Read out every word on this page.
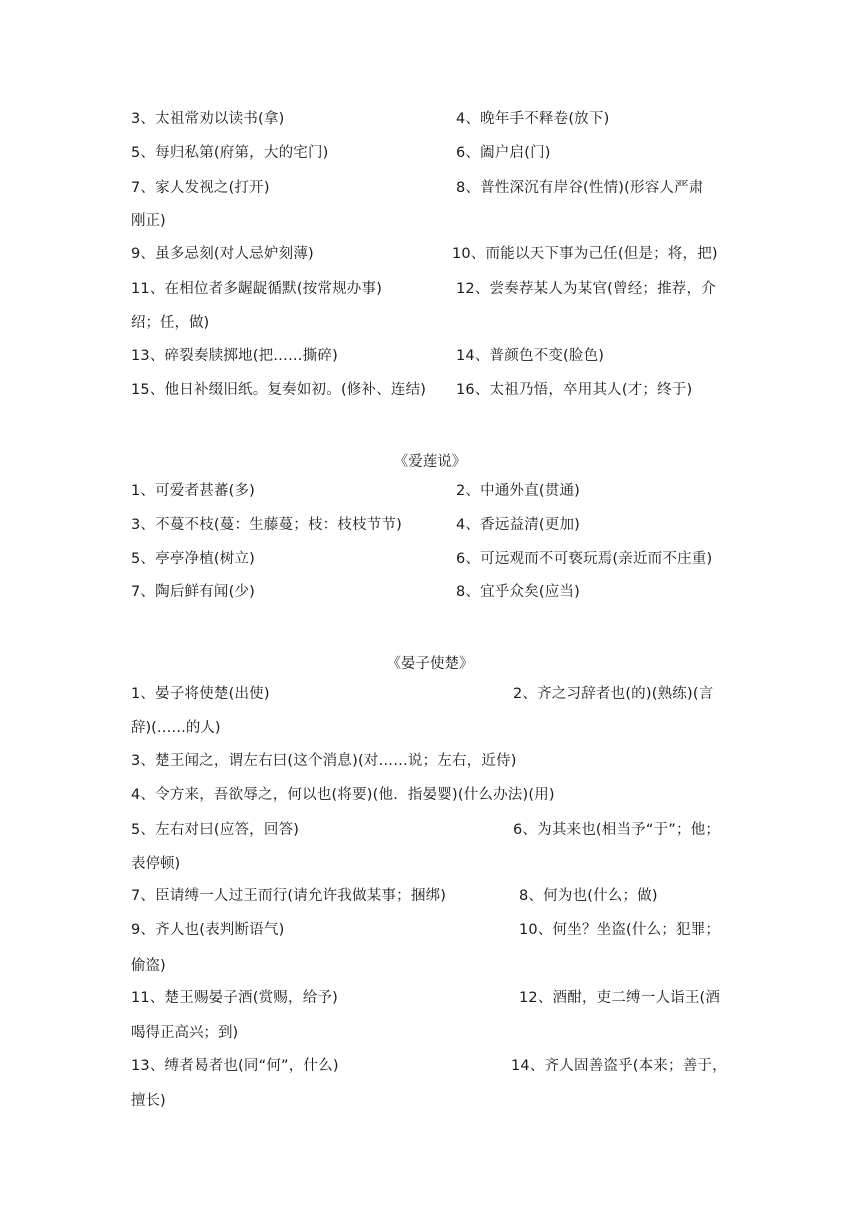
3、太祖常劝以读书(拿)	4、晚年手不释卷(放下)
5、每归私第(府第，大的宅门)	6、阖户启(门)
7、家人发视之(打开)	8、普性深沉有岸谷(性情)(形容人严肃
刚正)
9、虽多忌刻(对人忌妒刻薄)	10、而能以天下事为己任(但是；将，把)
11、在相位者多龌龊循默(按常规办事)	12、尝奏荐某人为某官(曾经；推荐，介
绍；任，做)
13、碎裂奏牍掷地(把……撕碎)	14、普颜色不变(脸色)
15、他日补缀旧纸。复奏如初。(修补、连结) 16、太祖乃悟，卒用其人(才；终于)
《爱莲说》
1、可爱者甚蕃(多)	2、中通外直(贯通)
3、不蔓不枝(蔓：生藤蔓；枝：枝枝节节)	4、香远益清(更加)
5、亭亭净植(树立)	6、可远观而不可亵玩焉(亲近而不庄重)
7、陶后鲜有闻(少)	8、宜乎众矣(应当)
《晏子使楚》
1、晏子将使楚(出使)	2、齐之习辞者也(的)(熟练)(言
辞)(……的人)
3、楚王闻之，谓左右曰(这个消息)(对……说；左右，近侍)
4、令方来，吾欲辱之，何以也(将要)(他．指晏婴)(什么办法)(用)
5、左右对曰(应答，回答)	6、为其来也(相当予“于”；他；
表停顿)
7、臣请缚一人过王而行(请允许我做某事；捆绑)	8、何为也(什么；做)
9、齐人也(表判断语气)	10、何坐？坐盗(什么；犯罪；
偷盗)
11、楚王赐晏子酒(赏赐，给予)	12、酒酣，吏二缚一人诣王(酒
喝得正高兴；到)
13、缚者曷者也(同“何”，什么)	14、齐人固善盗乎(本来；善于，
擅长)
